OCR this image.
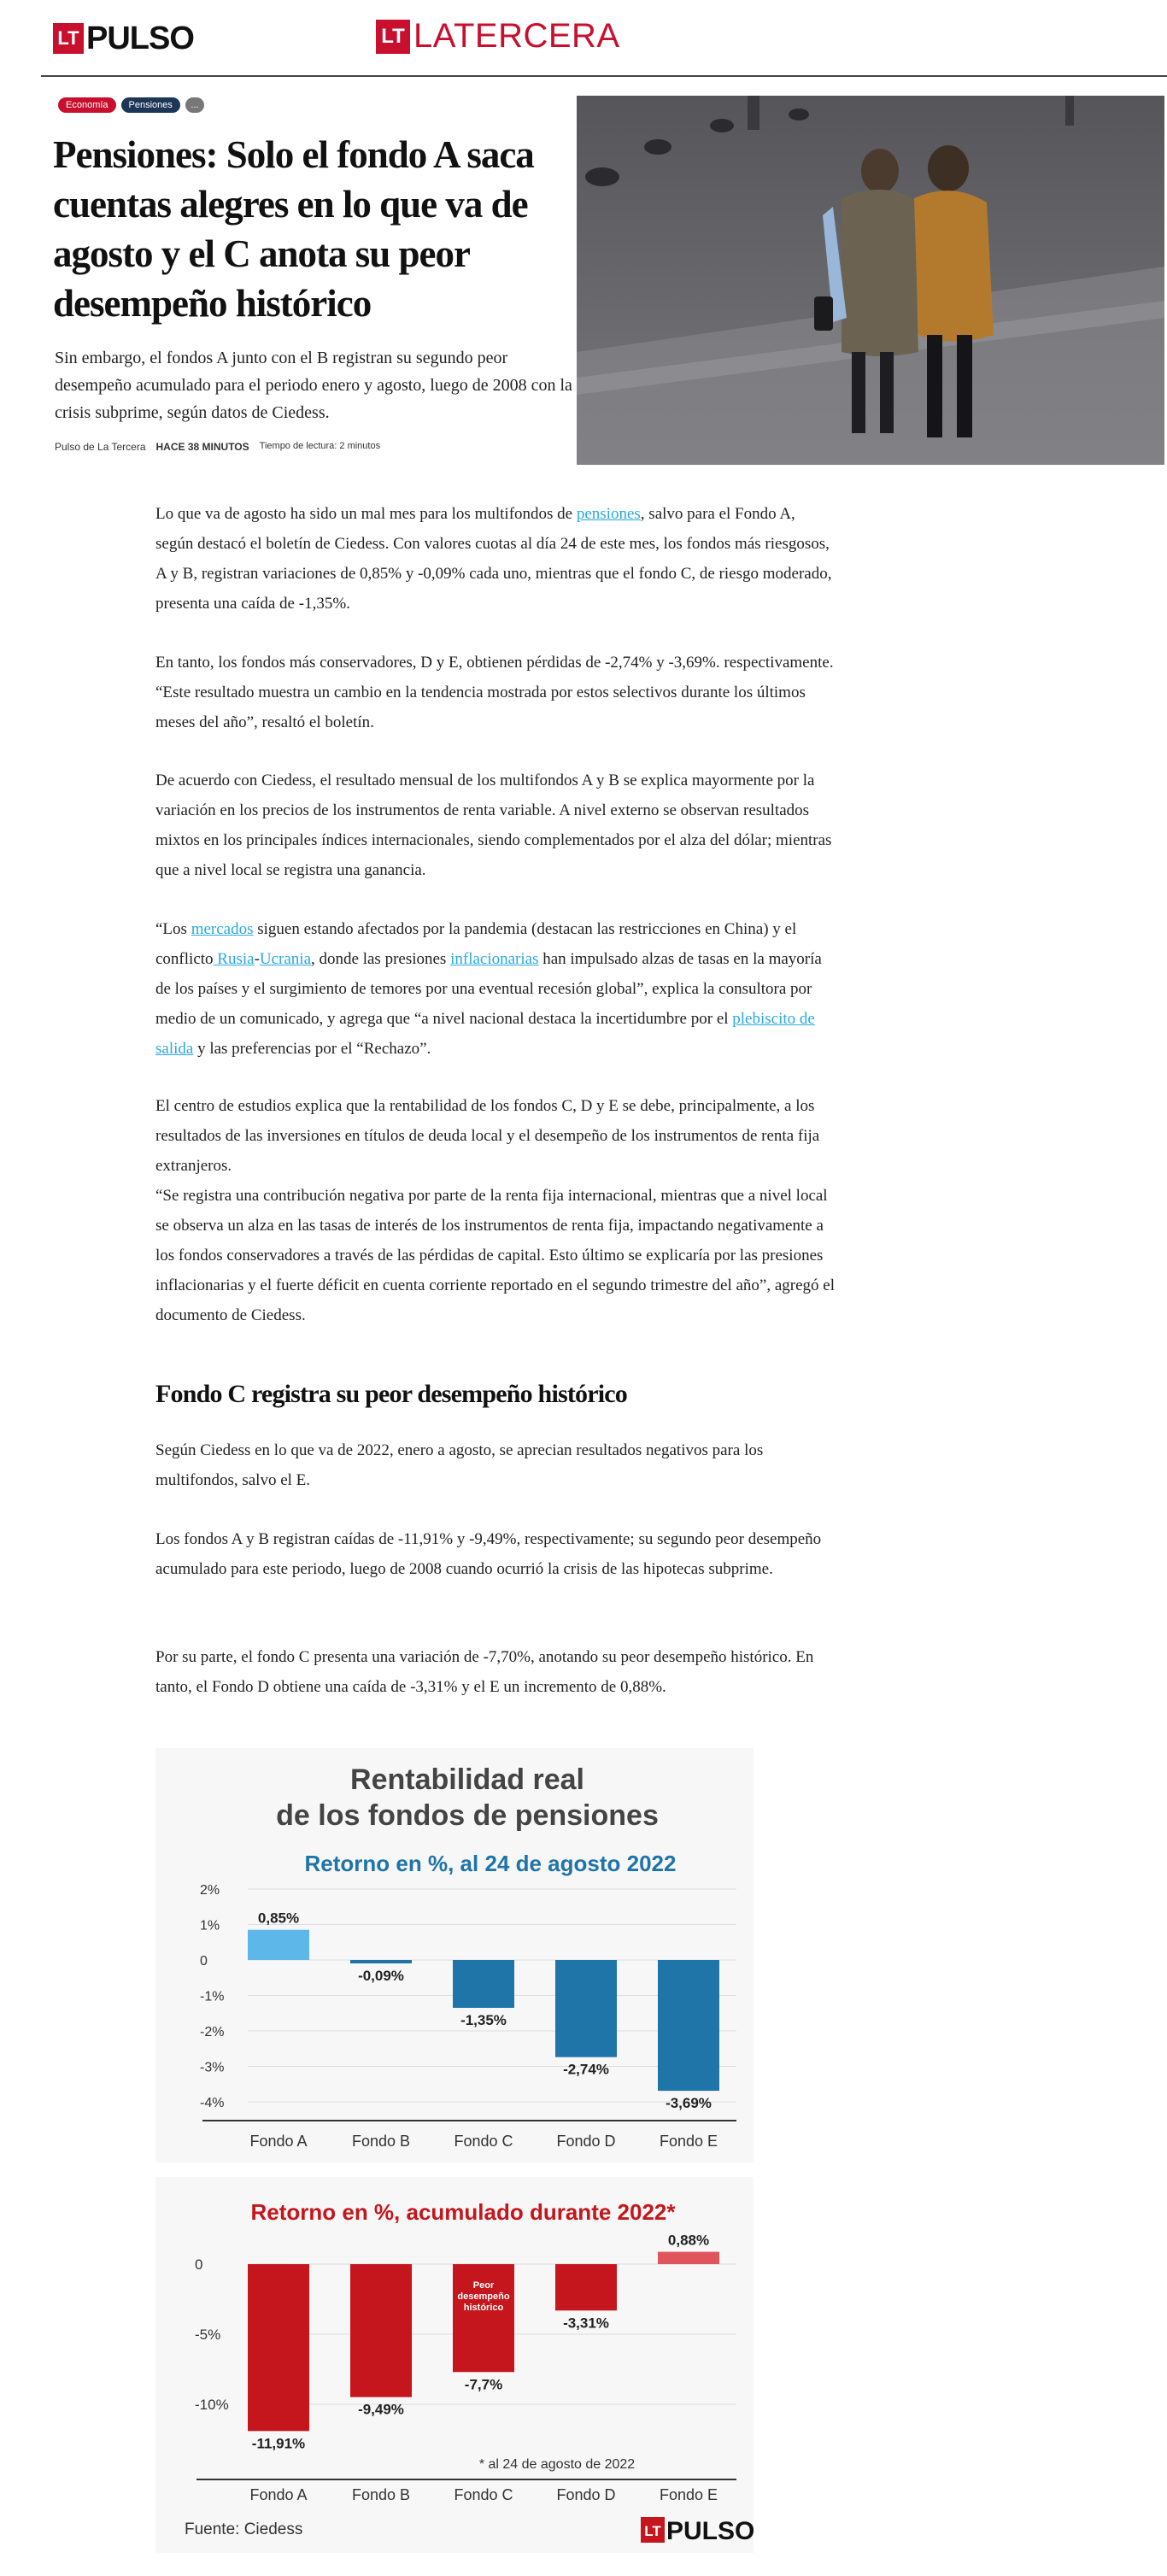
LT PULSO	LT LATERCERA
Economía	Pensiones	...
Pensiones: Solo el fondo A saca cuentas alegres en lo que va de agosto y el C anota su peor desempeño histórico

Sin embargo, el fondos A junto con el B registran su segundo peor desempeño acumulado para el periodo enero y agosto, luego de 2008 con la crisis subprime, según datos de Ciedess.

Pulso de La Tercera HACE 38 MINUTOS Tiempo de lectura: 2 minutos

Lo que va de agosto ha sido un mal mes para los multifondos de pensiones, salvo para el Fondo A, según destacó el boletín de Ciedess. Con valores cuotas al día 24 de este mes, los fondos más riesgosos, A y B, registran variaciones de 0,85% y -0,09% cada uno, mientras que el fondo C, de riesgo moderado, presenta una caída de -1,35%.

En tanto, los fondos más conservadores, D y E, obtienen pérdidas de -2,74% y -3,69%. respectivamente. “Este resultado muestra un cambio en la tendencia mostrada por estos selectivos durante los últimos meses del año”, resaltó el boletín.

De acuerdo con Ciedess, el resultado mensual de los multifondos A y B se explica mayormente por la variación en los precios de los instrumentos de renta variable. A nivel externo se observan resultados mixtos en los principales índices internacionales, siendo complementados por el alza del dólar; mientras que a nivel local se registra una ganancia.

“Los mercados siguen estando afectados por la pandemia (destacan las restricciones en China) y el conflicto Rusia-Ucrania, donde las presiones inflacionarias han impulsado alzas de tasas en la mayoría de los países y el surgimiento de temores por una eventual recesión global”, explica la consultora por medio de un comunicado, y agrega que “a nivel nacional destaca la incertidumbre por el plebiscito de salida y las preferencias por el “Rechazo”.

El centro de estudios explica que la rentabilidad de los fondos C, D y E se debe, principalmente, a los resultados de las inversiones en títulos de deuda local y el desempeño de los instrumentos de renta fija extranjeros.

“Se registra una contribución negativa por parte de la renta fija internacional, mientras que a nivel local se observa un alza en las tasas de interés de los instrumentos de renta fija, impactando negativamente a los fondos conservadores a través de las pérdidas de capital. Esto último se explicaría por las presiones inflacionarias y el fuerte déficit en cuenta corriente reportado en el segundo trimestre del año”, agregó el documento de Ciedess.

Fondo C registra su peor desempeño histórico

Según Ciedess en lo que va de 2022, enero a agosto, se aprecian resultados negativos para los multifondos, salvo el E.

Los fondos A y B registran caídas de -11,91% y -9,49%, respectivamente; su segundo peor desempeño acumulado para este periodo, luego de 2008 cuando ocurrió la crisis de las hipotecas subprime.

Por su parte, el fondo C presenta una variación de -7,70%, anotando su peor desempeño histórico. En tanto, el Fondo D obtiene una caída de -3,31% y el E un incremento de 0,88%.

Rentabilidad real
de los fondos de pensiones
Retorno en %, al 24 de agosto 2022
2%
1%
0
-1%
-2%
-3%
-4%
0,85%
Fondo A
-0,09%
Fondo B
-1,35%
Fondo C
-2,74%
Fondo D
-3,69%
Fondo E
Retorno en %, acumulado durante 2022*
0
-5%
-10%
-11,91%
Fondo A
-9,49%
Fondo B
-7,7%
Fondo C
-3,31%
Fondo D
0,88%
Fondo E
Peor
desempeño
histórico
* al 24 de agosto de 2022
Fuente: Ciedess	LT PULSO
